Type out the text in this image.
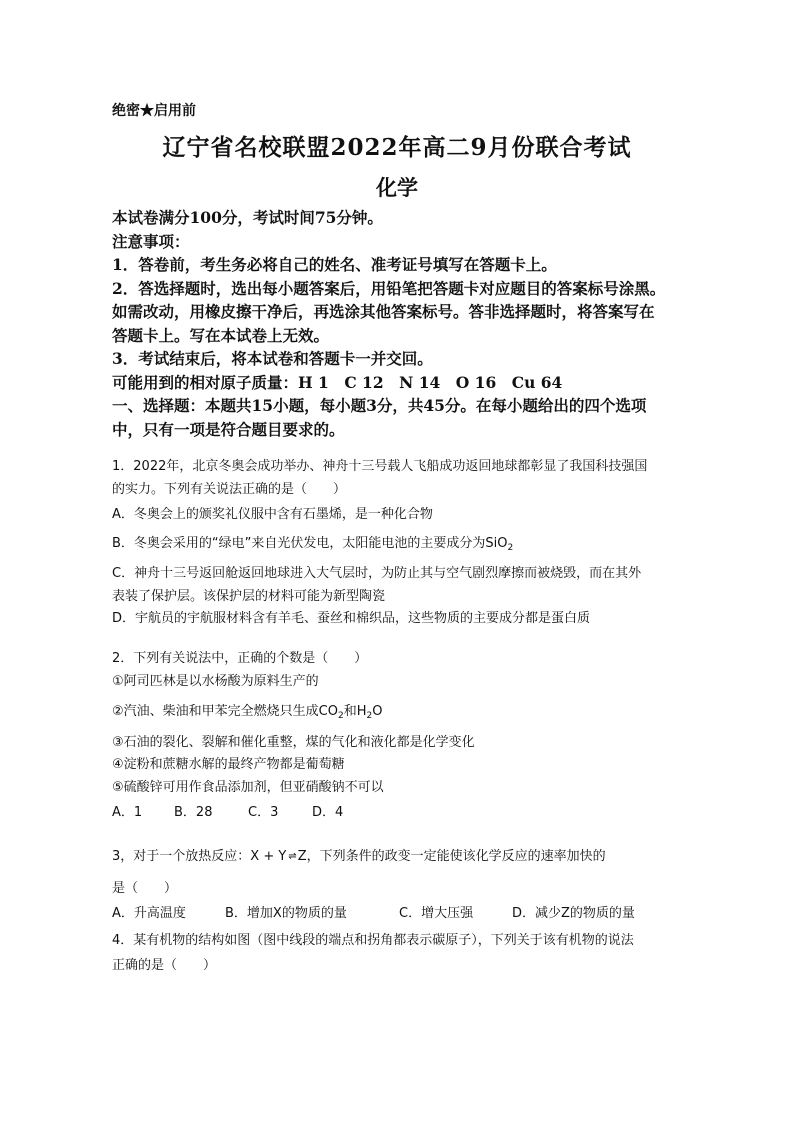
绝密★启用前
辽宁省名校联盟2022年高二9月份联合考试
化学
本试卷满分100分，考试时间75分钟。
注意事项：
1．答卷前，考生务必将自己的姓名、准考证号填写在答题卡上。
2．答选择题时，选出每小题答案后，用铅笔把答题卡对应题目的答案标号涂黑。
如需改动，用橡皮擦干净后，再选涂其他答案标号。答非选择题时，将答案写在
答题卡上。写在本试卷上无效。
3．考试结束后，将本试卷和答题卡一并交回。
可能用到的相对原子质量：H 1　C 12　N 14　O 16　Cu 64
一、选择题：本题共15小题，每小题3分，共45分。在每小题给出的四个选项
中，只有一项是符合题目要求的。
1．2022年，北京冬奥会成功举办、神舟十三号载人飞船成功返回地球都彰显了我国科技强国
的实力。下列有关说法正确的是（　　）
A．冬奥会上的颁奖礼仪服中含有石墨烯，是一种化合物
B．冬奥会采用的“绿电”来自光伏发电，太阳能电池的主要成分为SiO$_2$
C．神舟十三号返回舱返回地球进入大气层时，为防止其与空气剧烈摩擦而被烧毁，而在其外
表装了保护层。该保护层的材料可能为新型陶瓷
D．宇航员的宇航服材料含有羊毛、蚕丝和棉织品，这些物质的主要成分都是蛋白质
2．下列有关说法中，正确的个数是（　　）
①阿司匹林是以水杨酸为原料生产的
②汽油、柴油和甲苯完全燃烧只生成$CO_2$和$H_2O$
③石油的裂化、裂解和催化重整，煤的气化和液化都是化学变化
④淀粉和蔗糖水解的最终产物都是葡萄糖
⑤硫酸锌可用作食品添加剂，但亚硝酸钠不可以
A．1 B．28	C．3	D．4
3，对于一个放热反应：X + Y ⇌ Z，下列条件的政变一定能使该化学反应的速率加快的
是（　　）
A．升高温度	B．增加X的物质的量	C．增大压强	D．减少Z的物质的量
4．某有机物的结构如图（图中线段的端点和拐角都表示碳原子），下列关于该有机物的说法
正确的是（　　）
